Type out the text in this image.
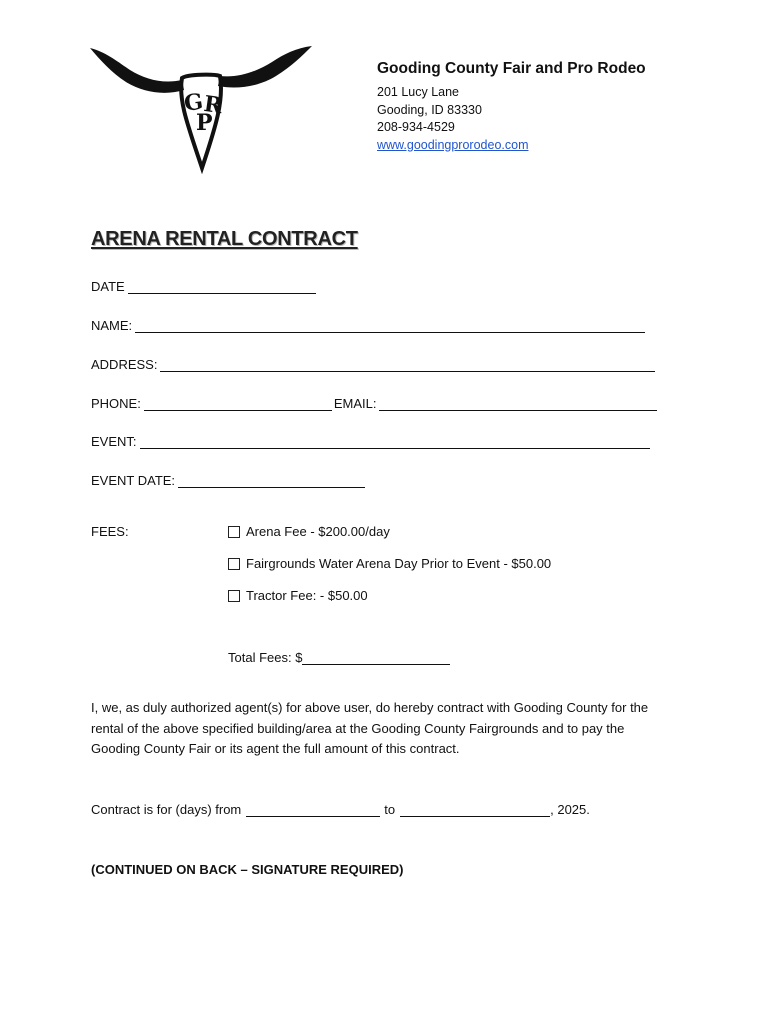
G
P
R
Gooding County Fair and Pro Rodeo
201 Lucy Lane
Gooding, ID 83330
208-934-4529
www.goodingprorodeo.com
ARENA RENTAL CONTRACT
DATE
NAME:
ADDRESS:
PHONE:	EMAIL:
EVENT:
EVENT DATE:
FEES:	Arena Fee - $200.00/day
Fairgrounds Water Arena Day Prior to Event - $50.00
Tractor Fee: - $50.00
Total Fees: $
I, we, as duly authorized agent(s) for above user, do hereby contract with Gooding County for the rental of the above specified building/area at the Gooding County Fairgrounds and to pay the Gooding County Fair or its agent the full amount of this contract.
Contract is for (days) from	to	, 2025.
(CONTINUED ON BACK – SIGNATURE REQUIRED)
